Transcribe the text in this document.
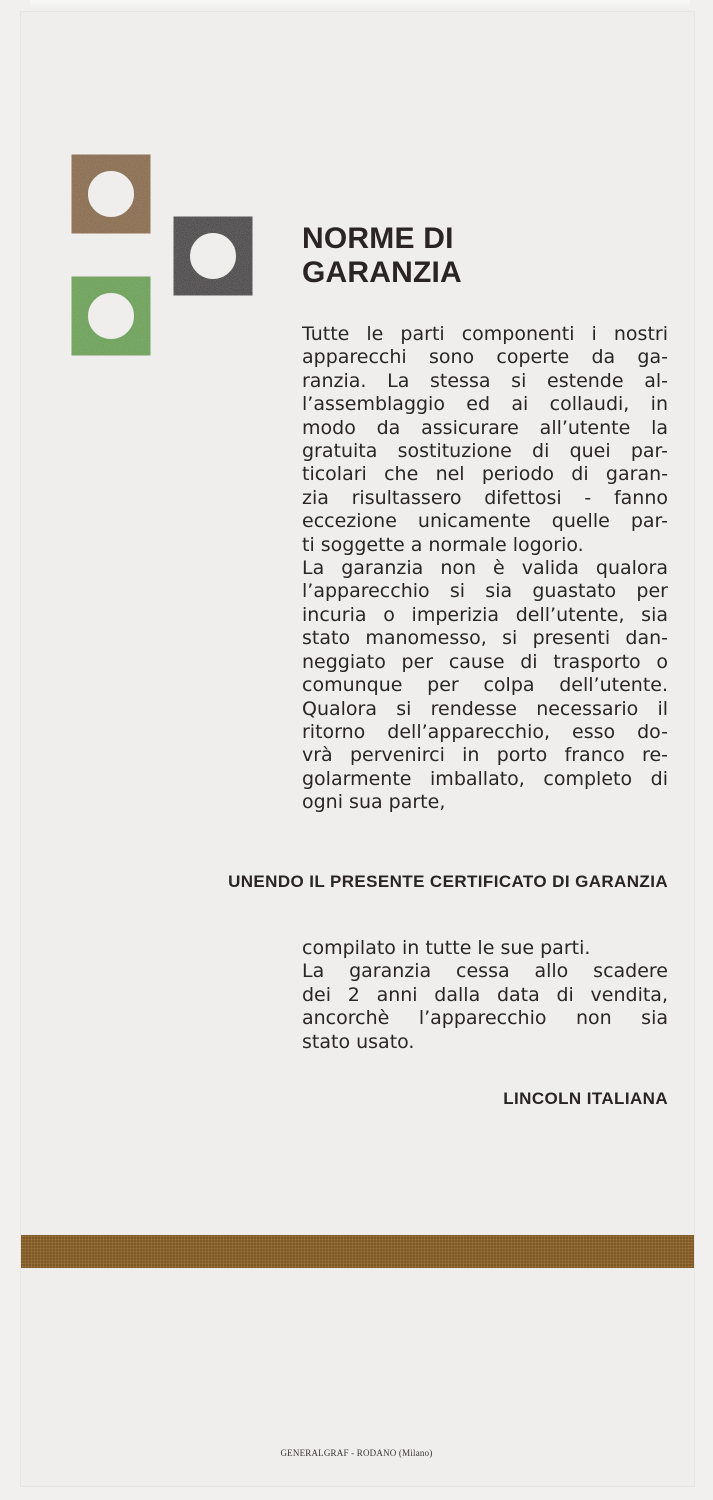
NORME DI
GARANZIA
Tutte le parti componenti i nostri
apparecchi sono coperte da ga-
ranzia. La stessa si estende al-
l’assemblaggio ed ai collaudi, in
modo da assicurare all’utente la
gratuita sostituzione di quei par-
ticolari che nel periodo di garan-
zia risultassero difettosi - fanno
eccezione unicamente quelle par-
ti soggette a normale logorio.
La garanzia non è valida qualora
l’apparecchio si sia guastato per
incuria o imperizia dell’utente, sia
stato manomesso, si presenti dan-
neggiato per cause di trasporto o
comunque per colpa dell’utente.
Qualora si rendesse necessario il
ritorno dell’apparecchio, esso do-
vrà pervenirci in porto franco re-
golarmente imballato, completo di
ogni sua parte,

UNENDO IL PRESENTE CERTIFICATO DI GARANZIA

compilato in tutte le sue parti.
La garanzia cessa allo scadere
dei 2 anni dalla data di vendita,
ancorchè l’apparecchio non sia
stato usato.

LINCOLN ITALIANA

GENERALGRAF - RODANO (Milano)
